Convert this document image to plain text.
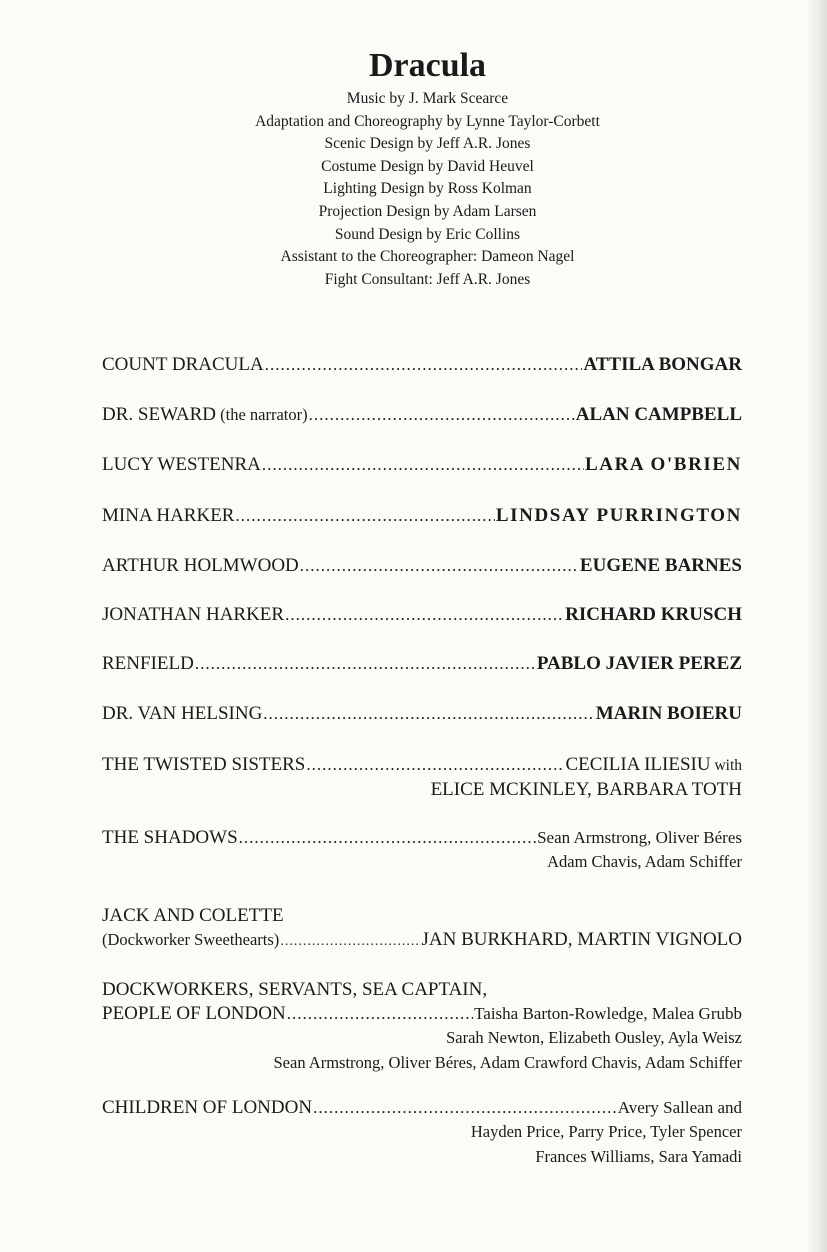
Dracula
Music by J. Mark Scearce
Adaptation and Choreography by Lynne Taylor-Corbett
Scenic Design by Jeff A.R. Jones
Costume Design by David Heuvel
Lighting Design by Ross Kolman
Projection Design by Adam Larsen
Sound Design by Eric Collins
Assistant to the Choreographer: Dameon Nagel
Fight Consultant: Jeff A.R. Jones
COUNT DRACULA .....	ATTILA BONGAR
DR. SEWARD (the narrator) .....	ALAN CAMPBELL
LUCY WESTENRA .....	LARA O'BRIEN
MINA HARKER .....	LINDSAY PURRINGTON
ARTHUR HOLMWOOD .....	EUGENE BARNES
JONATHAN HARKER .....	RICHARD KRUSCH
RENFIELD .....	PABLO JAVIER PEREZ
DR. VAN HELSING .....	MARIN BOIERU
THE TWISTED SISTERS .....	CECILIA ILIESIU with
ELICE MCKINLEY, BARBARA TOTH
THE SHADOWS .....	Sean Armstrong, Oliver Béres
Adam Chavis, Adam Schiffer
JACK AND COLETTE
(Dockworker Sweethearts) .....	JAN BURKHARD, MARTIN VIGNOLO
DOCKWORKERS, SERVANTS, SEA CAPTAIN,
PEOPLE OF LONDON .....	Taisha Barton-Rowledge, Malea Grubb
Sarah Newton, Elizabeth Ousley, Ayla Weisz
Sean Armstrong, Oliver Béres, Adam Crawford Chavis, Adam Schiffer
CHILDREN OF LONDON .....	Avery Sallean and
Hayden Price, Parry Price, Tyler Spencer
Frances Williams, Sara Yamadi
